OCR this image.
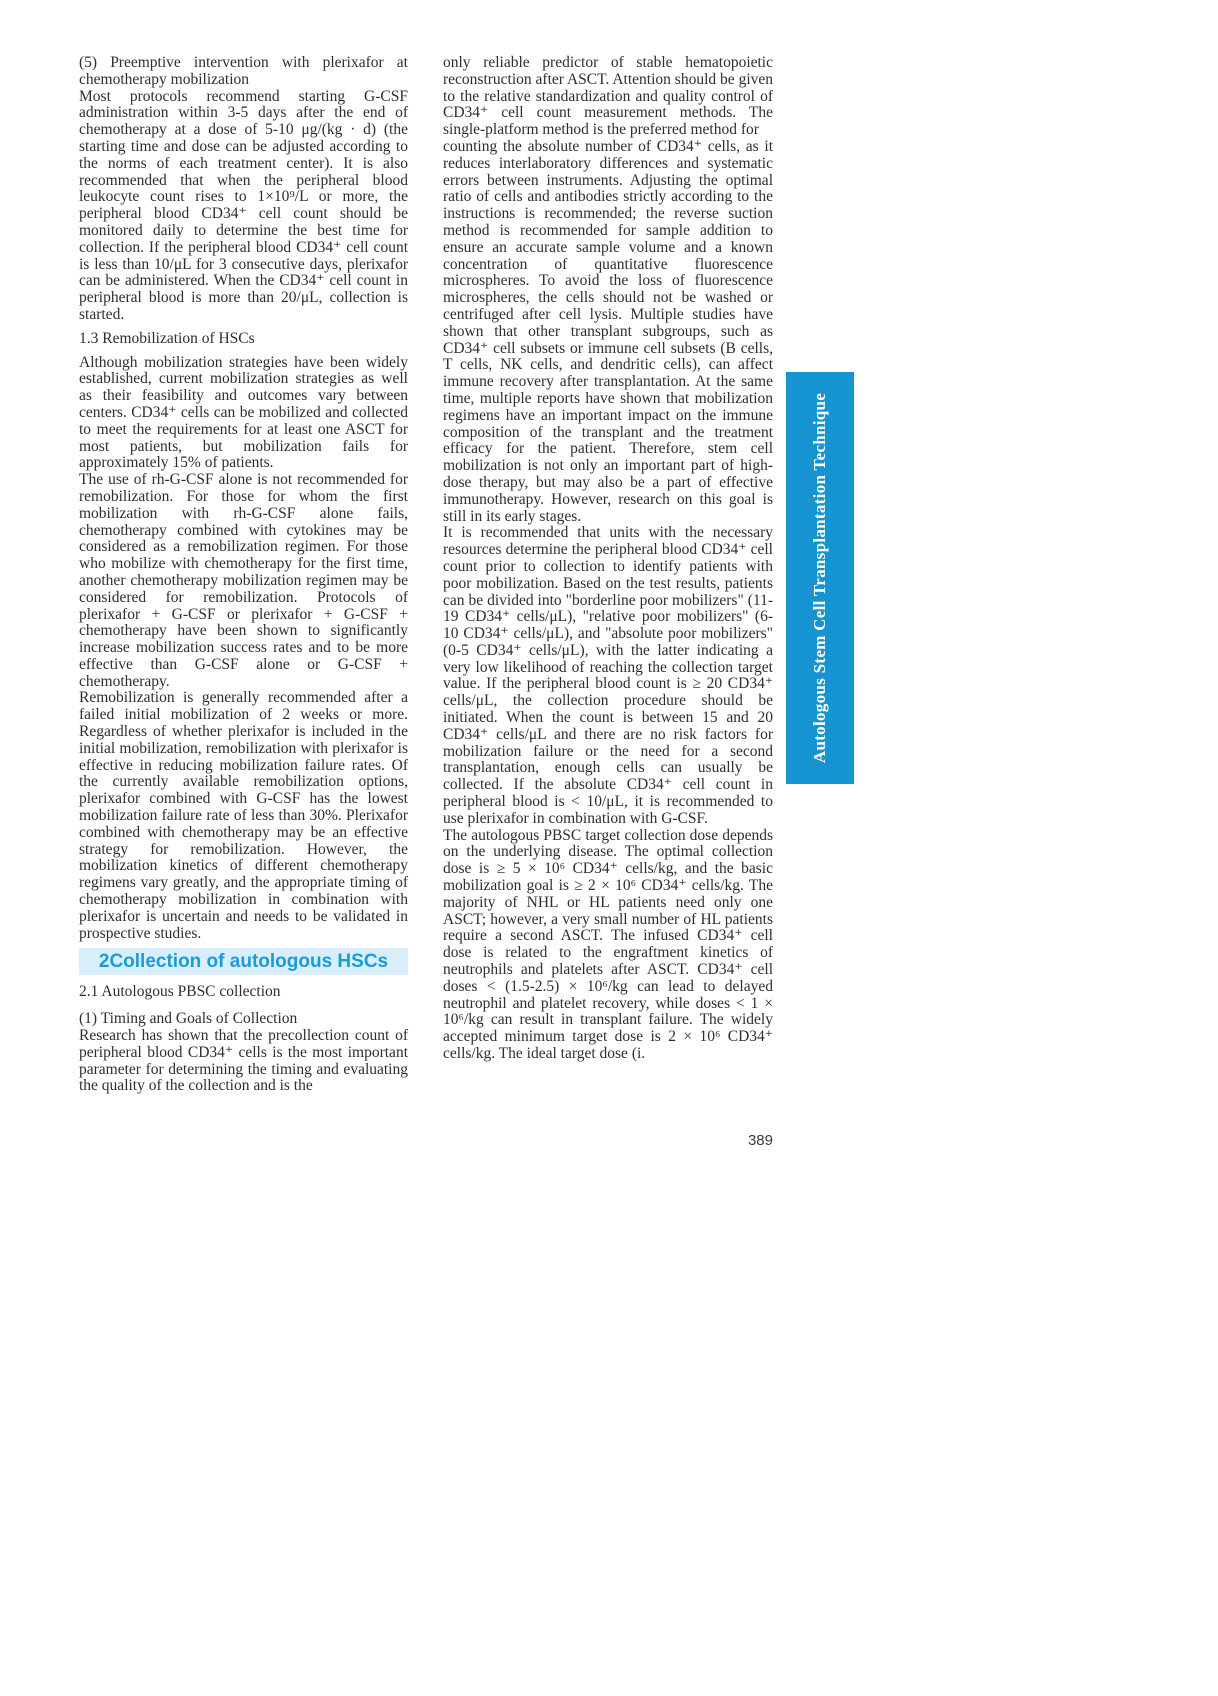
(5) Preemptive intervention with plerixafor at chemotherapy mobilization

Most protocols recommend starting G-CSF administration within 3-5 days after the end of chemotherapy at a dose of 5-10 μg/(kg · d) (the starting time and dose can be adjusted according to the norms of each treatment center). It is also recommended that when the peripheral blood leukocyte count rises to 1×10⁹/L or more, the peripheral blood CD34⁺ cell count should be monitored daily to determine the best time for collection. If the peripheral blood CD34⁺ cell count is less than 10/μL for 3 consecutive days, plerixafor can be administered. When the CD34⁺ cell count in peripheral blood is more than 20/μL, collection is started.

1.3 Remobilization of HSCs

Although mobilization strategies have been widely established, current mobilization strategies as well as their feasibility and outcomes vary between centers. CD34⁺ cells can be mobilized and collected to meet the requirements for at least one ASCT for most patients, but mobilization fails for approximately 15% of patients.

The use of rh-G-CSF alone is not recommended for remobilization. For those for whom the first mobilization with rh-G-CSF alone fails, chemotherapy combined with cytokines may be considered as a remobilization regimen. For those who mobilize with chemotherapy for the first time, another chemotherapy mobilization regimen may be considered for remobilization. Protocols of plerixafor + G-CSF or plerixafor + G-CSF + chemotherapy have been shown to significantly increase mobilization success rates and to be more effective than G-CSF alone or G-CSF + chemotherapy.

Remobilization is generally recommended after a failed initial mobilization of 2 weeks or more. Regardless of whether plerixafor is included in the initial mobilization, remobilization with plerixafor is effective in reducing mobilization failure rates. Of the currently available remobilization options, plerixafor combined with G-CSF has the lowest mobilization failure rate of less than 30%. Plerixafor combined with chemotherapy may be an effective strategy for remobilization. However, the mobilization kinetics of different chemotherapy regimens vary greatly, and the appropriate timing of chemotherapy mobilization in combination with plerixafor is uncertain and needs to be validated in prospective studies.

2Collection of autologous HSCs

2.1 Autologous PBSC collection

(1) Timing and Goals of Collection

Research has shown that the precollection count of peripheral blood CD34⁺ cells is the most important parameter for determining the timing and evaluating the quality of the collection and is the

only reliable predictor of stable hematopoietic reconstruction after ASCT. Attention should be given to the relative standardization and quality control of CD34⁺ cell count measurement methods. The single-platform method is the preferred method for

counting the absolute number of CD34⁺ cells, as it reduces interlaboratory differences and systematic errors between instruments. Adjusting the optimal ratio of cells and antibodies strictly according to the instructions is recommended; the reverse suction method is recommended for sample addition to ensure an accurate sample volume and a known concentration of quantitative fluorescence microspheres. To avoid the loss of fluorescence microspheres, the cells should not be washed or centrifuged after cell lysis. Multiple studies have shown that other transplant subgroups, such as CD34⁺ cell subsets or immune cell subsets (B cells, T cells, NK cells, and dendritic cells), can affect immune recovery after transplantation. At the same time, multiple reports have shown that mobilization regimens have an important impact on the immune composition of the transplant and the treatment efficacy for the patient. Therefore, stem cell mobilization is not only an important part of high-dose therapy, but may also be a part of effective immunotherapy. However, research on this goal is still in its early stages.

It is recommended that units with the necessary resources determine the peripheral blood CD34⁺ cell count prior to collection to identify patients with poor mobilization. Based on the test results, patients can be divided into "borderline poor mobilizers" (11-19 CD34⁺ cells/μL), "relative poor mobilizers" (6-10 CD34⁺ cells/μL), and "absolute poor mobilizers" (0-5 CD34⁺ cells/μL), with the latter indicating a very low likelihood of reaching the collection target value. If the peripheral blood count is ≥ 20 CD34⁺ cells/μL, the collection procedure should be initiated. When the count is between 15 and 20 CD34⁺ cells/μL and there are no risk factors for mobilization failure or the need for a second transplantation, enough cells can usually be collected. If the absolute CD34⁺ cell count in peripheral blood is < 10/μL, it is recommended to use plerixafor in combination with G-CSF.

The autologous PBSC target collection dose depends on the underlying disease. The optimal collection dose is ≥ 5 × 10⁶ CD34⁺ cells/kg, and the basic mobilization goal is ≥ 2 × 10⁶ CD34⁺ cells/kg. The majority of NHL or HL patients need only one ASCT; however, a very small number of HL patients require a second ASCT. The infused CD34⁺ cell dose is related to the engraftment kinetics of neutrophils and platelets after ASCT. CD34⁺ cell doses < (1.5-2.5) × 10⁶/kg can lead to delayed neutrophil and platelet recovery, while doses < 1 × 10⁶/kg can result in transplant failure. The widely accepted minimum target dose is 2 × 10⁶ CD34⁺ cells/kg. The ideal target dose (i.

Autologous Stem Cell Transplantation Technique
389
